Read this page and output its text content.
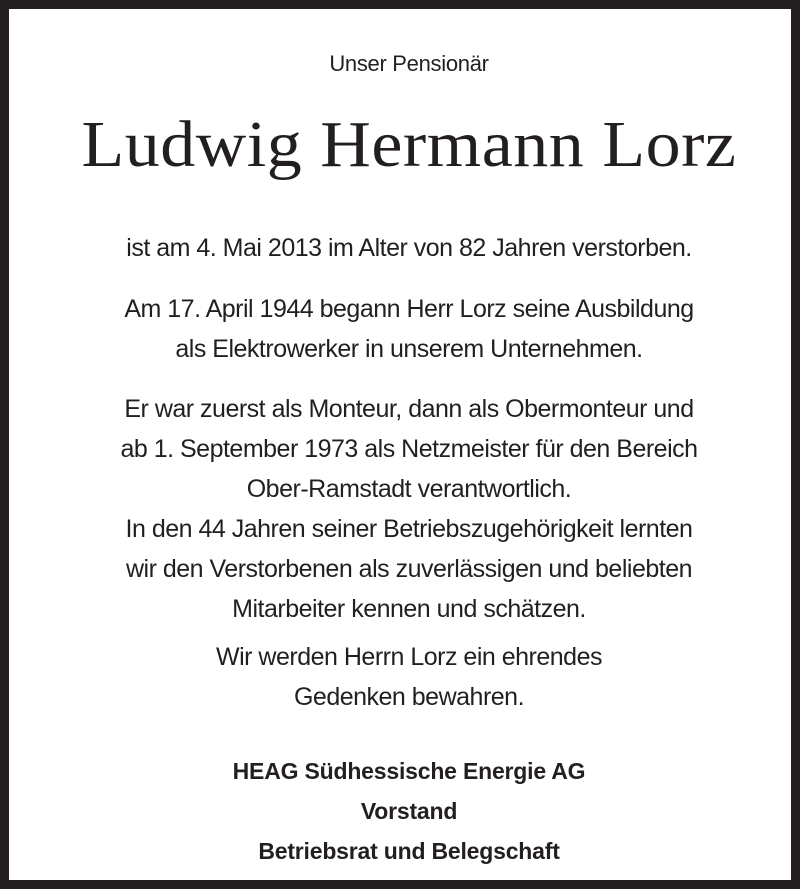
Unser Pensionär
Ludwig Hermann Lorz
ist am 4. Mai 2013 im Alter von 82 Jahren verstorben.
Am 17. April 1944 begann Herr Lorz seine Ausbildung
als Elektrowerker in unserem Unternehmen.
Er war zuerst als Monteur, dann als Obermonteur und
ab 1. September 1973 als Netzmeister für den Bereich
Ober-Ramstadt verantwortlich.
In den 44 Jahren seiner Betriebszugehörigkeit lernten
wir den Verstorbenen als zuverlässigen und beliebten
Mitarbeiter kennen und schätzen.
Wir werden Herrn Lorz ein ehrendes
Gedenken bewahren.
HEAG Südhessische Energie AG
Vorstand
Betriebsrat und Belegschaft
